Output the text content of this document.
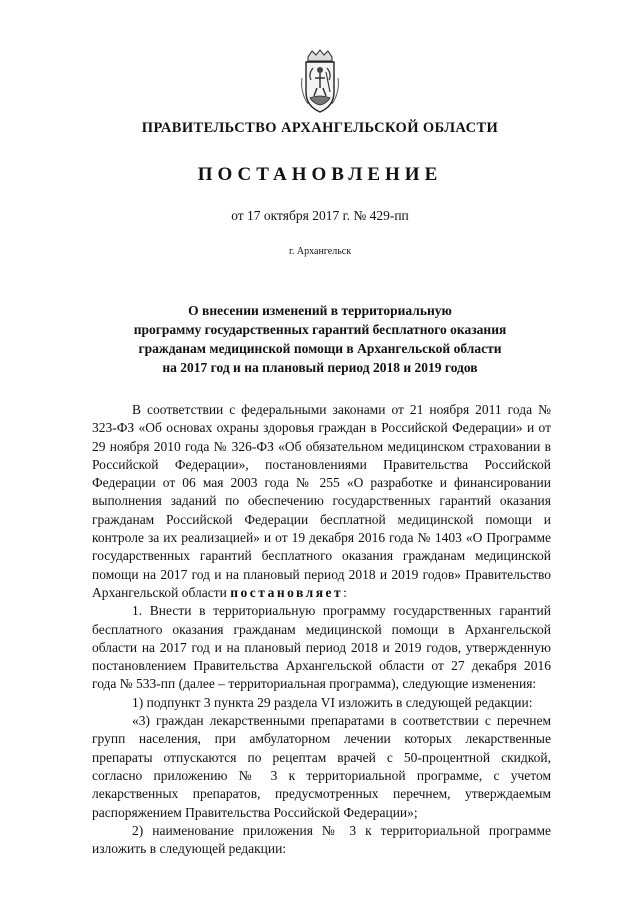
ПРАВИТЕЛЬСТВО АРХАНГЕЛЬСКОЙ ОБЛАСТИ
ПОСТАНОВЛЕНИЕ
от 17 октября 2017 г. № 429-пп
г. Архангельск
О внесении изменений в территориальную
программу государственных гарантий бесплатного оказания
гражданам медицинской помощи в Архангельской области
на 2017 год и на плановый период 2018 и 2019 годов

В соответствии с федеральными законами от 21 ноября 2011 года № 323-ФЗ «Об основах охраны здоровья граждан в Российской Федерации» и от 29 ноября 2010 года № 326-ФЗ «Об обязательном медицинском страховании в Российской Федерации», постановлениями Правительства Российской Федерации от 06 мая 2003 года № 255 «О разработке и финансировании выполнения заданий по обеспечению государственных гарантий оказания гражданам Российской Федерации бесплатной медицинской помощи и контроле за их реализацией» и от 19 декабря 2016 года № 1403 «О Программе государственных гарантий бесплатного оказания гражданам медицинской помощи на 2017 год и на плановый период 2018 и 2019 годов» Правительство Архангельской области постановляет:

1. Внести в территориальную программу государственных гарантий бесплатного оказания гражданам медицинской помощи в Архангельской области на 2017 год и на плановый период 2018 и 2019 годов, утвержденную постановлением Правительства Архангельской области от 27 декабря 2016 года № 533-пп (далее – территориальная программа), следующие изменения:

1) подпункт 3 пункта 29 раздела VI изложить в следующей редакции:

«3) граждан лекарственными препаратами в соответствии с перечнем групп населения, при амбулаторном лечении которых лекарственные препараты отпускаются по рецептам врачей с 50-процентной скидкой, согласно приложению № 3 к территориальной программе, с учетом лекарственных препаратов, предусмотренных перечнем, утверждаемым распоряжением Правительства Российской Федерации»;

2) наименование приложения № 3 к территориальной программе изложить в следующей редакции:
